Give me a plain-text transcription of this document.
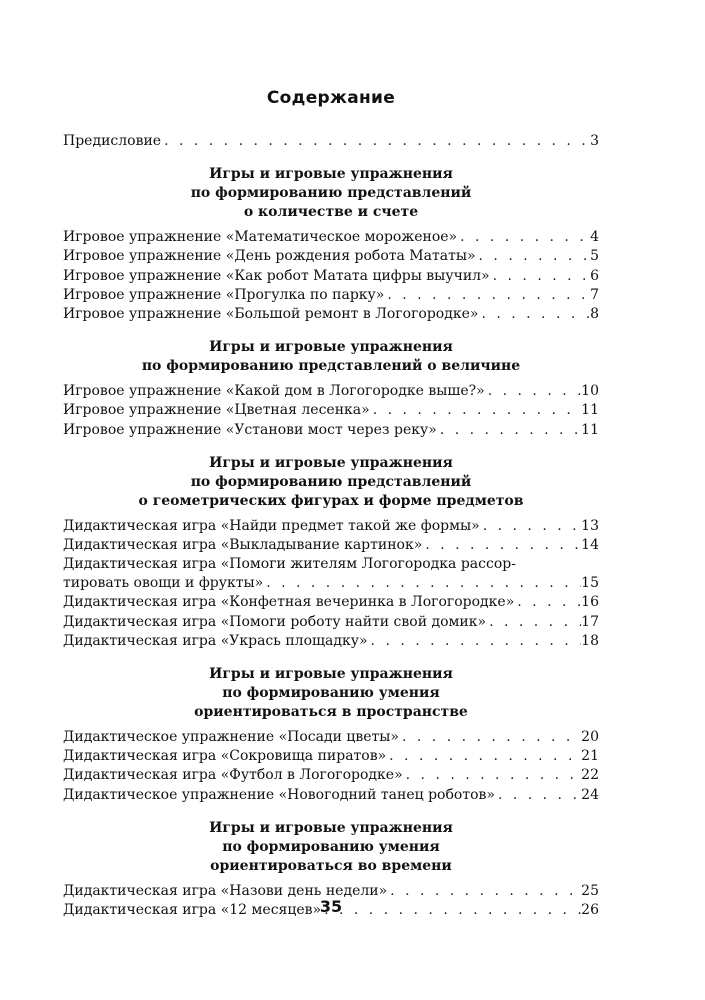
Содержание
Предисловие . . .	3
Игры и игровые упражнения
по формированию представлений
о количестве и счете
Игровое упражнение «Математическое мороженое» . . .	4
Игровое упражнение «День рождения робота Мататы» . . .	5
Игровое упражнение «Как робот Матата цифры выучил» . . .	6
Игровое упражнение «Прогулка по парку» . . .	7
Игровое упражнение «Большой ремонт в Логогородке» . . .	8
Игры и игровые упражнения
по формированию представлений о величине
Игровое упражнение «Какой дом в Логогородке выше?» . . .	10
Игровое упражнение «Цветная лесенка» . . .	11
Игровое упражнение «Установи мост через реку» . . .	11
Игры и игровые упражнения
по формированию представлений
о геометрических фигурах и форме предметов
Дидактическая игра «Найди предмет такой же формы» . . .	13
Дидактическая игра «Выкладывание картинок» . . .	14
Дидактическая игра «Помоги жителям Логогородка рассор-
тировать овощи и фрукты» . . .	15
Дидактическая игра «Конфетная вечеринка в Логогородке» . . .	16
Дидактическая игра «Помоги роботу найти свой домик» . . .	17
Дидактическая игра «Укрась площадку» . . .	18
Игры и игровые упражнения
по формированию умения
ориентироваться в пространстве
Дидактическое упражнение «Посади цветы» . . .	20
Дидактическая игра «Сокровища пиратов» . . .	21
Дидактическая игра «Футбол в Логогородке» . . .	22
Дидактическое упражнение «Новогодний танец роботов» . . .	24
Игры и игровые упражнения
по формированию умения
ориентироваться во времени
Дидактическая игра «Назови день недели» . . .	25
Дидактическая игра «12 месяцев» . . .	26
35
